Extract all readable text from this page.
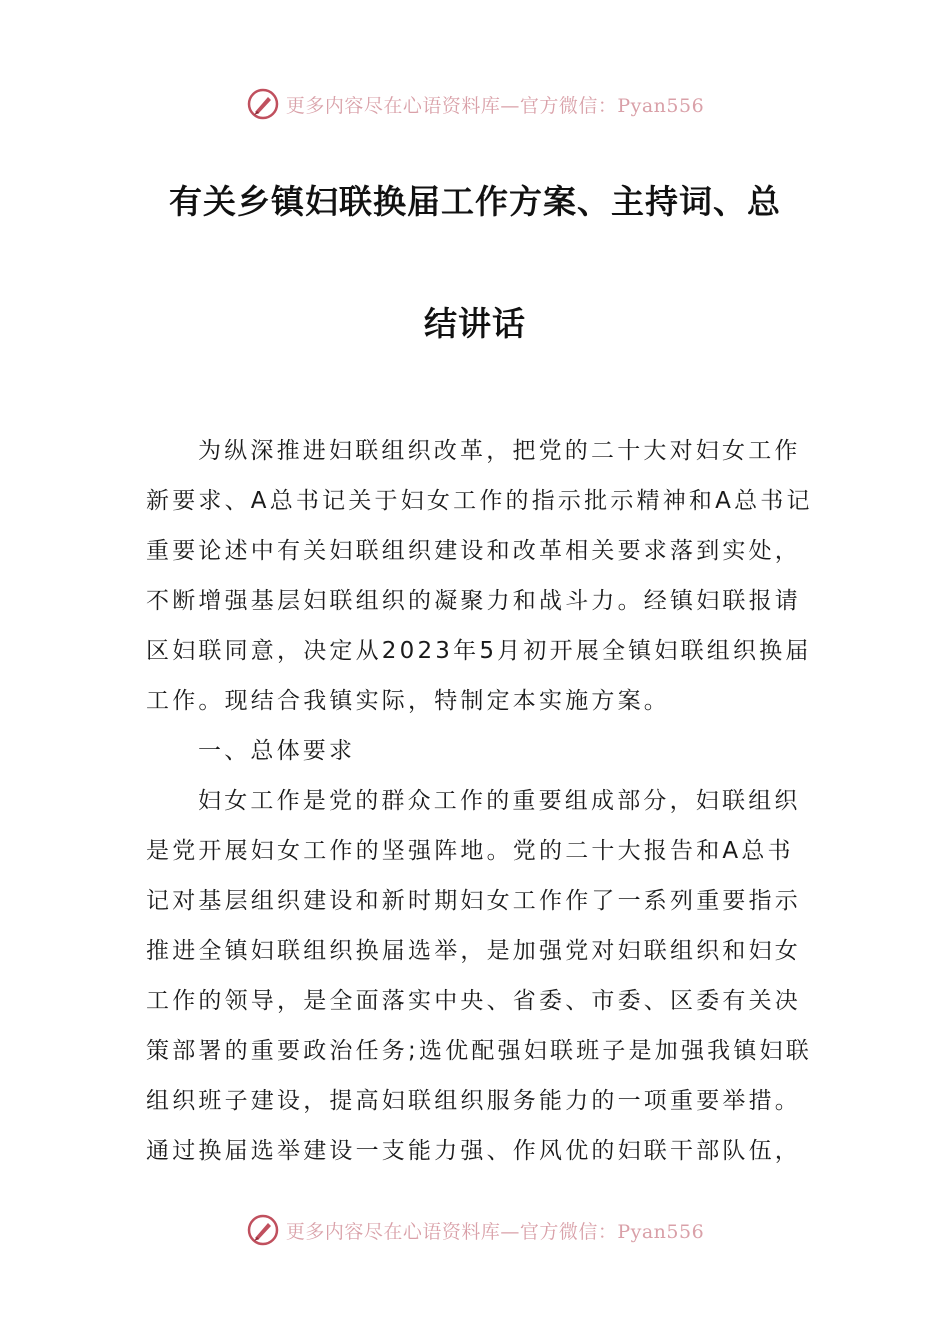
更多内容尽在心语资料库—官方微信：Pyan556
有关乡镇妇联换届工作方案、主持词、总
结讲话
为纵深推进妇联组织改革，把党的二十大对妇女工作
新要求、A总书记关于妇女工作的指示批示精神和A总书记
重要论述中有关妇联组织建设和改革相关要求落到实处，
不断增强基层妇联组织的凝聚力和战斗力。经镇妇联报请
区妇联同意，决定从2023年5月初开展全镇妇联组织换届
工作。现结合我镇实际，特制定本实施方案。
一、总体要求
妇女工作是党的群众工作的重要组成部分，妇联组织
是党开展妇女工作的坚强阵地。党的二十大报告和A总书
记对基层组织建设和新时期妇女工作作了一系列重要指示
推进全镇妇联组织换届选举，是加强党对妇联组织和妇女
工作的领导，是全面落实中央、省委、市委、区委有关决
策部署的重要政治任务;选优配强妇联班子是加强我镇妇联
组织班子建设，提高妇联组织服务能力的一项重要举措。
通过换届选举建设一支能力强、作风优的妇联干部队伍，
更多内容尽在心语资料库—官方微信：Pyan556
